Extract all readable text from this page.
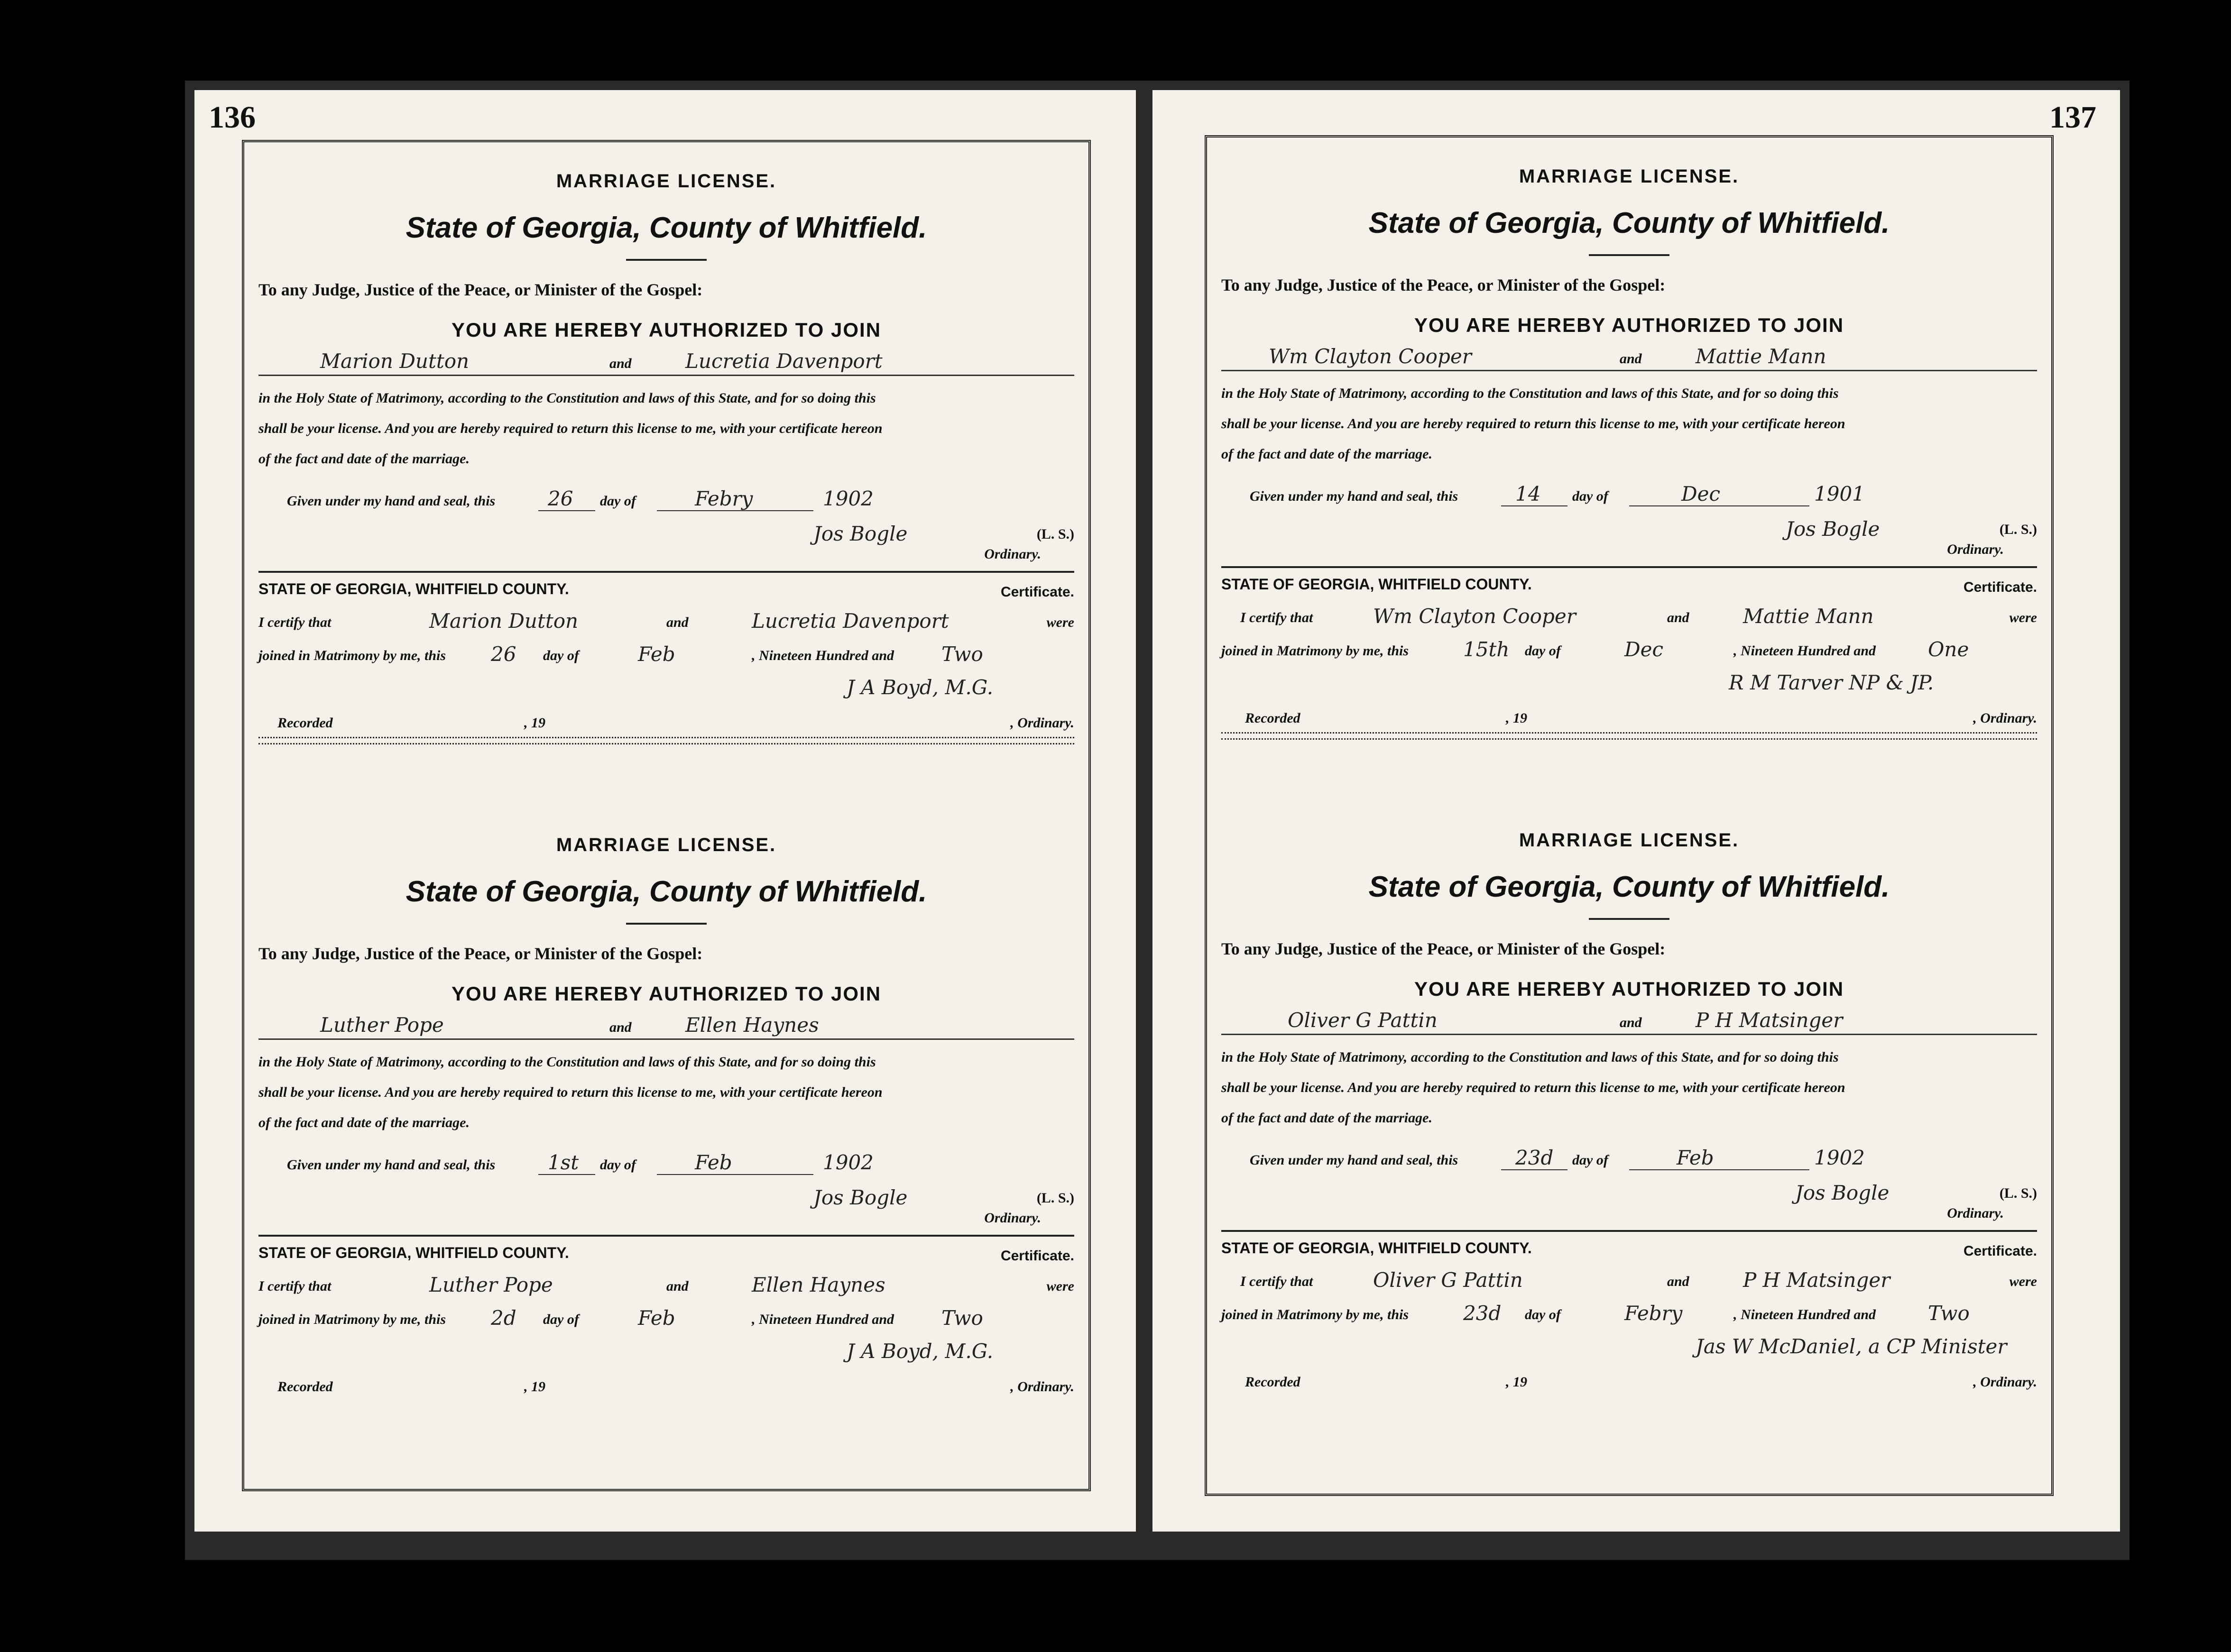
136
MARRIAGE LICENSE.
State of Georgia, County of Whitfield.
To any Judge, Justice of the Peace, or Minister of the Gospel:
YOU ARE HEREBY AUTHORIZED TO JOIN
Marion Dutton	and	Lucretia Davenport
in the Holy State of Matrimony, according to the Constitution and laws of this State, and for so doing this
shall be your license. And you are hereby required to return this license to me, with your certificate hereon
of the fact and date of the marriage.
Given under my hand and seal, this	26 day of	Febry	1902
Jos Bogle	(L. S.)
Ordinary.
STATE OF GEORGIA, WHITFIELD COUNTY.	Certificate.
I certify that	Marion Dutton	and	Lucretia Davenport	were
joined in Matrimony by me, this 26 day of	Feb	, Nineteen Hundred and Two
J A Boyd, M.G.
Recorded	, 19	, Ordinary.
MARRIAGE LICENSE.
State of Georgia, County of Whitfield.
To any Judge, Justice of the Peace, or Minister of the Gospel:
YOU ARE HEREBY AUTHORIZED TO JOIN
Luther Pope	and	Ellen Haynes
in the Holy State of Matrimony, according to the Constitution and laws of this State, and for so doing this
shall be your license. And you are hereby required to return this license to me, with your certificate hereon
of the fact and date of the marriage.
Given under my hand and seal, this	1st day of	Feb	1902
Jos Bogle	(L. S.)
Ordinary.
STATE OF GEORGIA, WHITFIELD COUNTY.	Certificate.
I certify that	Luther Pope	and	Ellen Haynes	were
joined in Matrimony by me, this 2d day of	Feb	, Nineteen Hundred and Two
J A Boyd, M.G.
Recorded	, 19	, Ordinary.
137
MARRIAGE LICENSE.
State of Georgia, County of Whitfield.
To any Judge, Justice of the Peace, or Minister of the Gospel:
YOU ARE HEREBY AUTHORIZED TO JOIN
Wm Clayton Cooper	and	Mattie Mann
in the Holy State of Matrimony, according to the Constitution and laws of this State, and for so doing this
shall be your license. And you are hereby required to return this license to me, with your certificate hereon
of the fact and date of the marriage.
Given under my hand and seal, this	14 day of	Dec	1901
Jos Bogle	(L. S.)
Ordinary.
STATE OF GEORGIA, WHITFIELD COUNTY.	Certificate.
I certify that	Wm Clayton Cooper	and	Mattie Mann	were
joined in Matrimony by me, this	15th day of	Dec	, Nineteen Hundred and	One
R M Tarver NP & JP.
Recorded	, 19	, Ordinary.
MARRIAGE LICENSE.
State of Georgia, County of Whitfield.
To any Judge, Justice of the Peace, or Minister of the Gospel:
YOU ARE HEREBY AUTHORIZED TO JOIN
Oliver G Pattin	and	P H Matsinger
in the Holy State of Matrimony, according to the Constitution and laws of this State, and for so doing this
shall be your license. And you are hereby required to return this license to me, with your certificate hereon
of the fact and date of the marriage.
Given under my hand and seal, this	23d day of	Feb	1902
Jos Bogle	(L. S.)
Ordinary.
STATE OF GEORGIA, WHITFIELD COUNTY.	Certificate.
I certify that	Oliver G Pattin	and	P H Matsinger	were
joined in Matrimony by me, this	23d day of	Febry	, Nineteen Hundred and	Two
Jas W McDaniel, a CP Minister
Recorded	, 19	, Ordinary.
